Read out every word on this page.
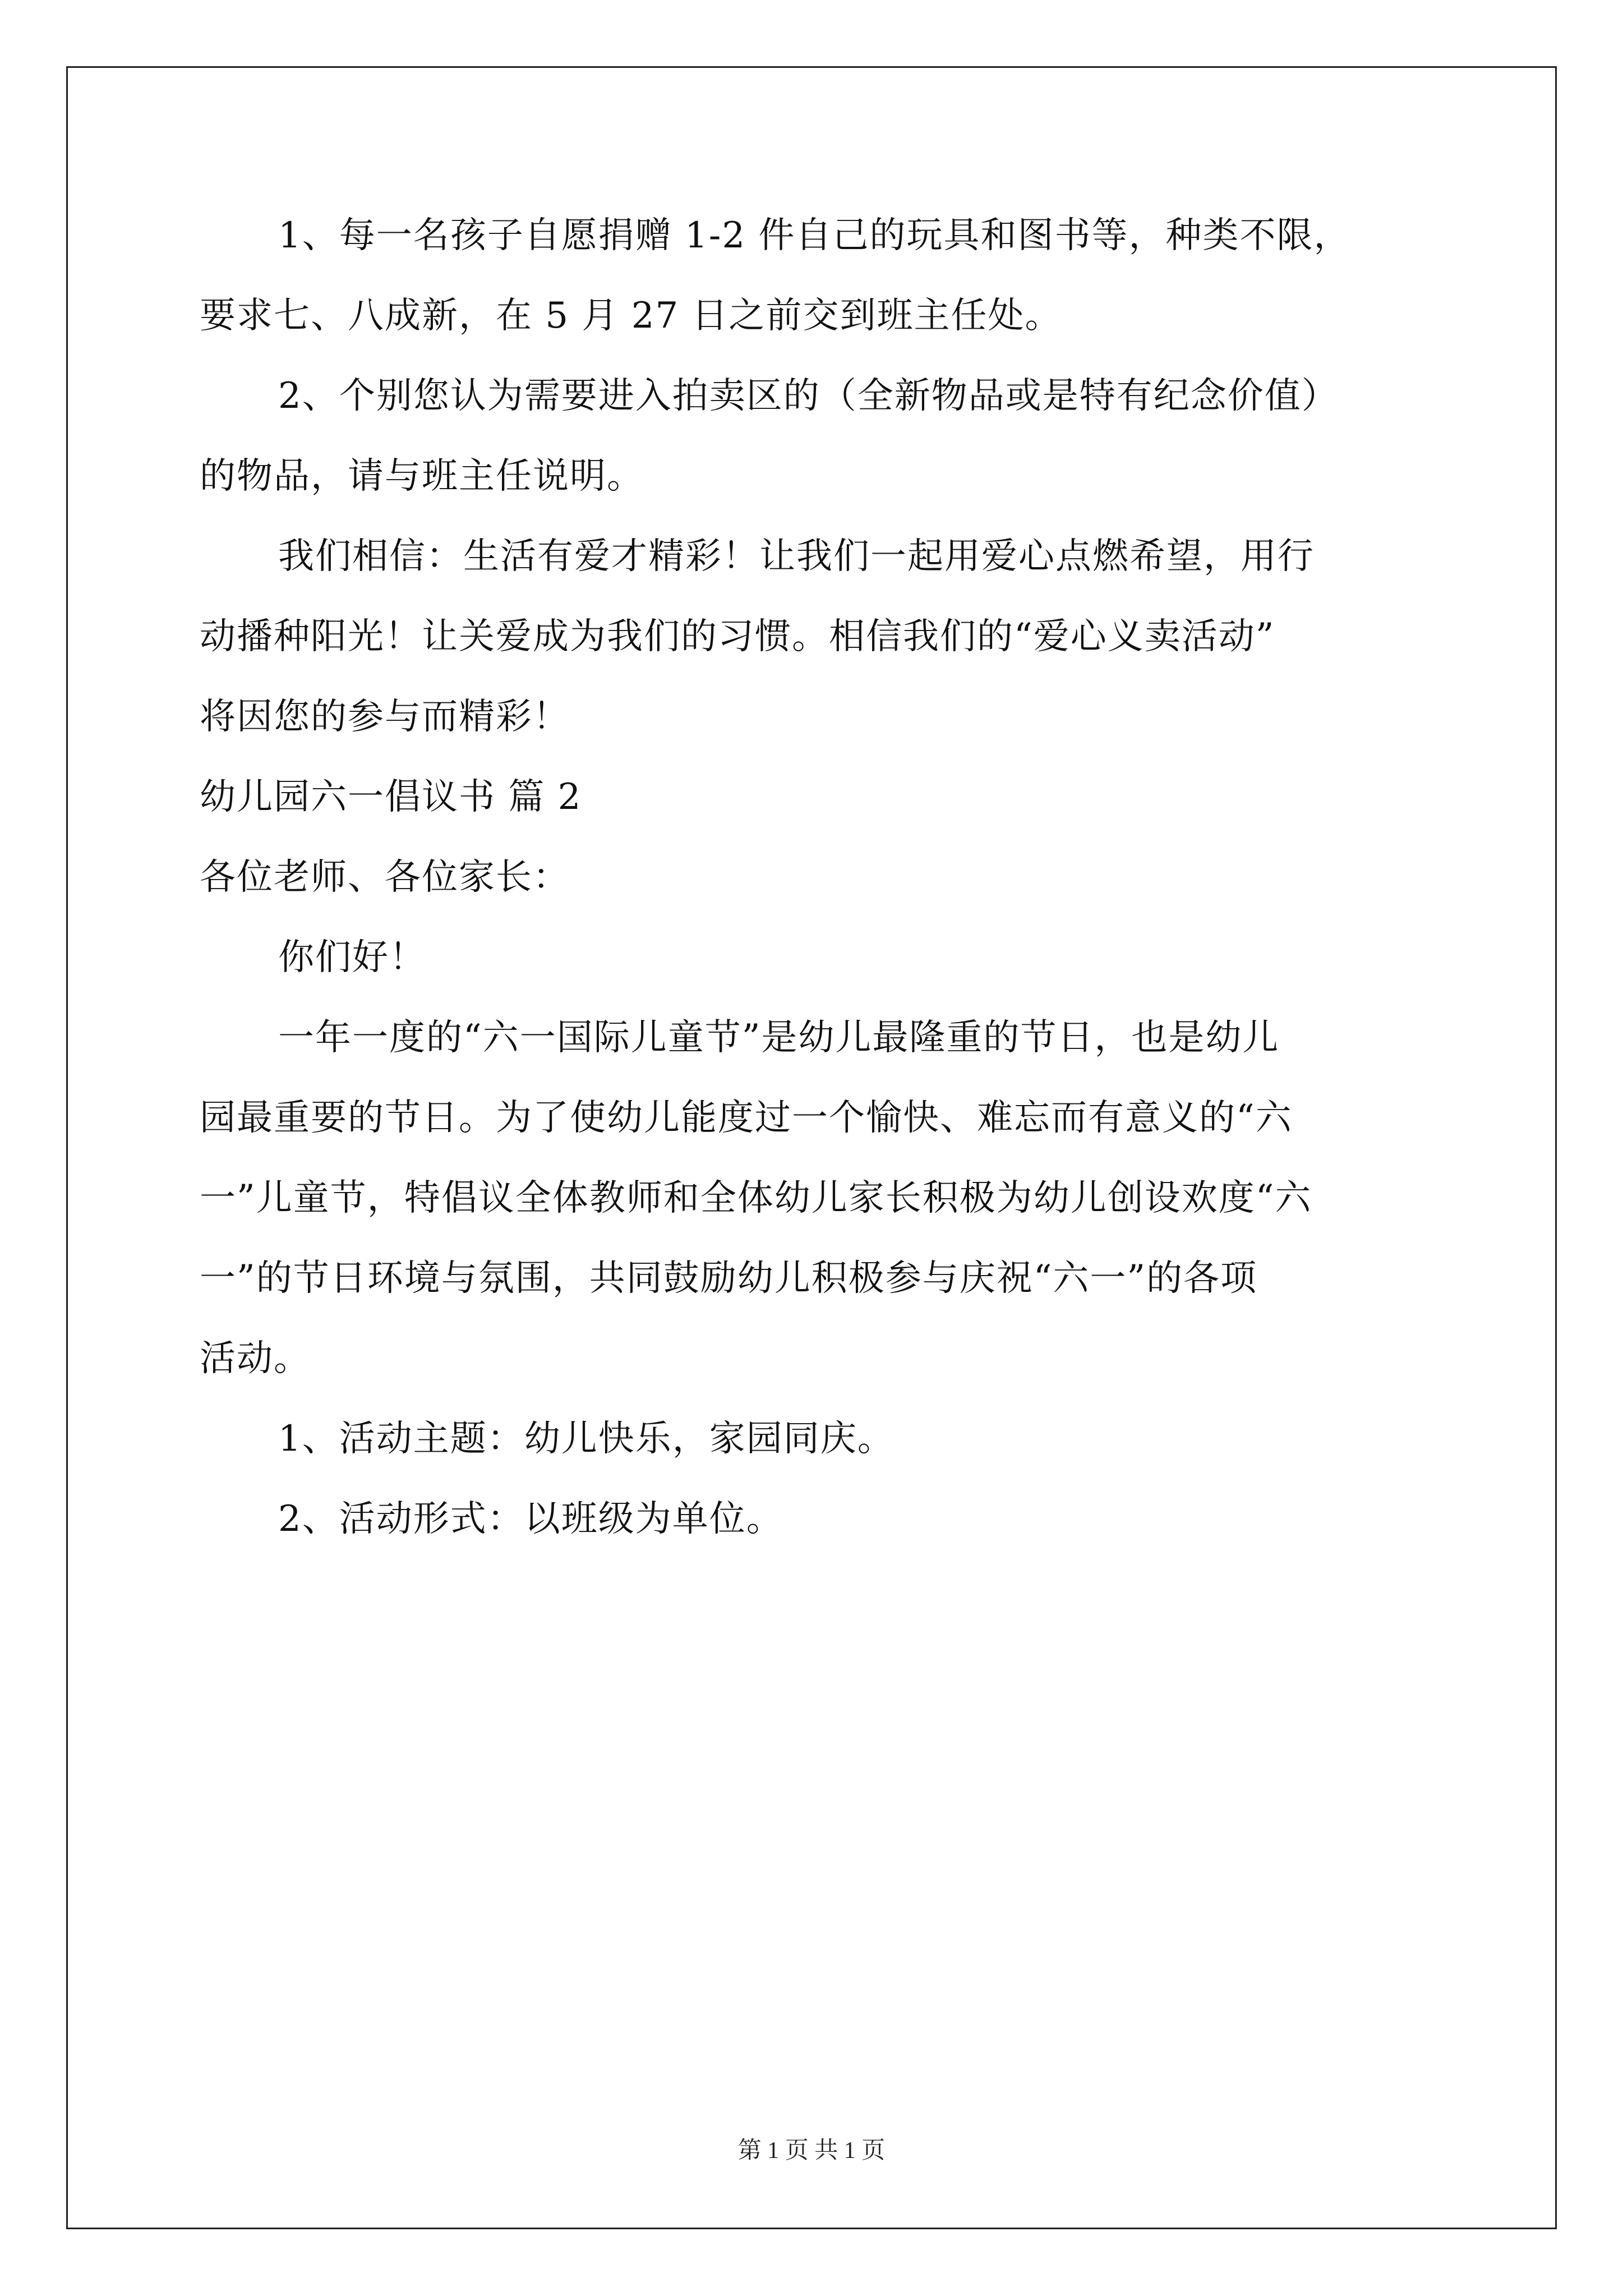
1、每一名孩子自愿捐赠 1-2 件自己的玩具和图书等，种类不限，
要求七、八成新，在 5 月 27 日之前交到班主任处。
2、个别您认为需要进入拍卖区的（全新物品或是特有纪念价值）
的物品，请与班主任说明。
我们相信：生活有爱才精彩！让我们一起用爱心点燃希望，用行
动播种阳光！让关爱成为我们的习惯。相信我们的“爱心义卖活动”
将因您的参与而精彩！
幼儿园六一倡议书 篇 2
各位老师、各位家长：
你们好！
一年一度的“六一国际儿童节”是幼儿最隆重的节日，也是幼儿
园最重要的节日。为了使幼儿能度过一个愉快、难忘而有意义的“六
一”儿童节，特倡议全体教师和全体幼儿家长积极为幼儿创设欢度“六
一”的节日环境与氛围，共同鼓励幼儿积极参与庆祝“六一”的各项
活动。
1、活动主题：幼儿快乐，家园同庆。
2、活动形式：以班级为单位。
第 1 页 共 1 页
